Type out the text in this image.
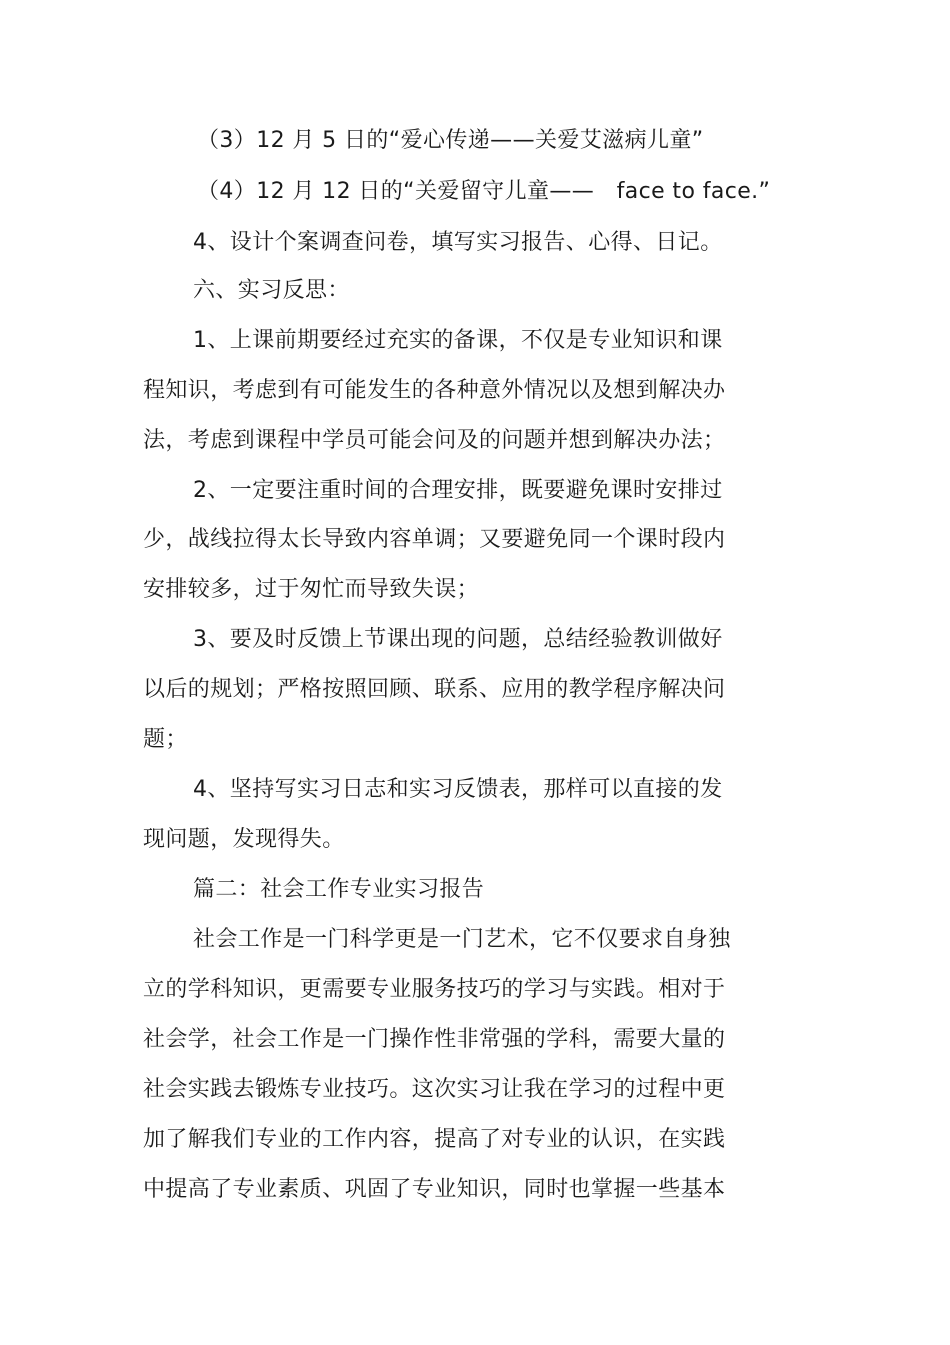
（3）12 月 5 日的“爱心传递——关爱艾滋病儿童”
（4）12 月 12 日的“关爱留守儿童——　face to face.”
4、设计个案调查问卷，填写实习报告、心得、日记。
六、实习反思：
1、上课前期要经过充实的备课，不仅是专业知识和课
程知识，考虑到有可能发生的各种意外情况以及想到解决办
法，考虑到课程中学员可能会问及的问题并想到解决办法；
2、一定要注重时间的合理安排，既要避免课时安排过
少，战线拉得太长导致内容单调；又要避免同一个课时段内
安排较多，过于匆忙而导致失误；
3、要及时反馈上节课出现的问题，总结经验教训做好
以后的规划；严格按照回顾、联系、应用的教学程序解决问
题；
4、坚持写实习日志和实习反馈表，那样可以直接的发
现问题，发现得失。
篇二：社会工作专业实习报告
社会工作是一门科学更是一门艺术，它不仅要求自身独
立的学科知识，更需要专业服务技巧的学习与实践。相对于
社会学，社会工作是一门操作性非常强的学科，需要大量的
社会实践去锻炼专业技巧。这次实习让我在学习的过程中更
加了解我们专业的工作内容，提高了对专业的认识，在实践
中提高了专业素质、巩固了专业知识，同时也掌握一些基本
